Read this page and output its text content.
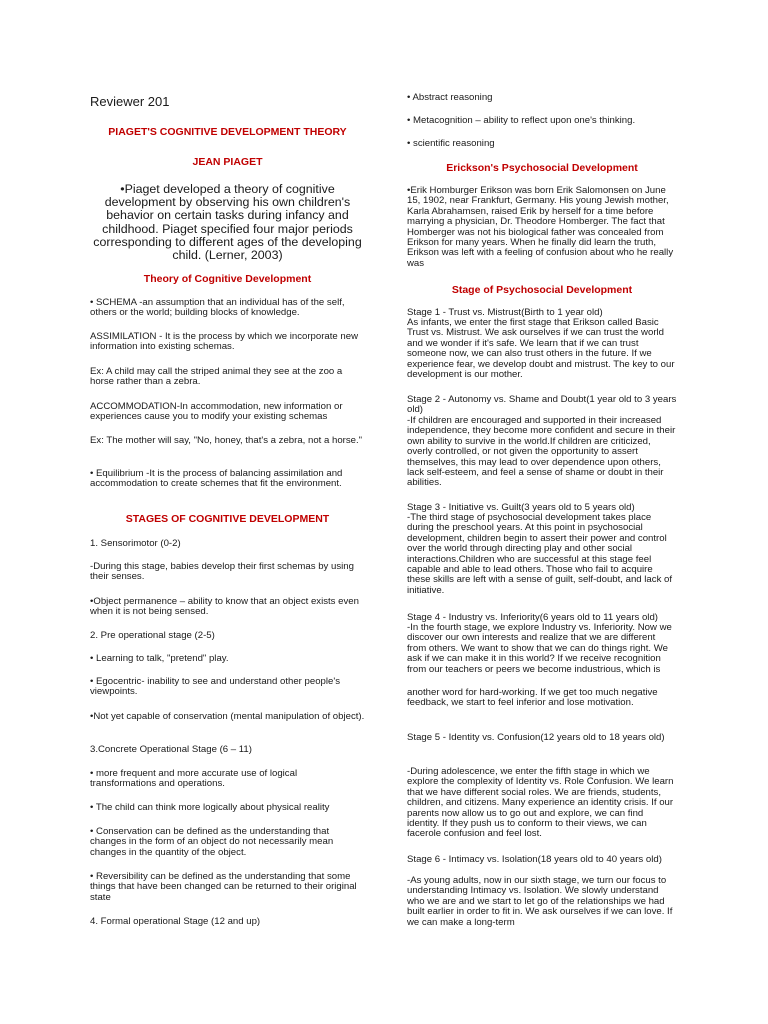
Reviewer 201

PIAGET'S COGNITIVE DEVELOPMENT THEORY

JEAN PIAGET

•Piaget developed a theory of cognitive development by observing his own children's behavior on certain tasks during infancy and childhood. Piaget specified four major periods corresponding to different ages of the developing child. (Lerner, 2003)

Theory of Cognitive Development

• SCHEMA -an assumption that an individual has of the self, others or the world; building blocks of knowledge.

ASSIMILATION - It is the process by which we incorporate new information into existing schemas.

Ex: A child may call the striped animal they see at the zoo a horse rather than a zebra.

ACCOMMODATION-In accommodation, new information or experiences cause you to modify your existing schemas

Ex: The mother will say, "No, honey, that's a zebra, not a horse."

• Equilibrium -It is the process of balancing assimilation and accommodation to create schemes that fit the environment.

STAGES OF COGNITIVE DEVELOPMENT

1. Sensorimotor (0-2)

-During this stage, babies develop their first schemas by using their senses.

•Object permanence – ability to know that an object exists even when it is not being sensed.

2. Pre operational stage (2-5)

• Learning to talk, "pretend" play.

• Egocentric- inability to see and understand other people's viewpoints.

•Not yet capable of conservation (mental manipulation of object).

3.Concrete Operational Stage (6 – 11)

• more frequent and more accurate use of logical transformations and operations.

• The child can think more logically about physical reality

• Conservation can be defined as the understanding that changes in the form of an object do not necessarily mean changes in the quantity of the object.

• Reversibility can be defined as the understanding that some things that have been changed can be returned to their original state

4. Formal operational Stage (12 and up)

• Abstract reasoning

• Metacognition – ability to reflect upon one's thinking.

• scientific reasoning

Erickson's Psychosocial Development

•Erik Homburger Erikson was born Erik Salomonsen on June 15, 1902, near Frankfurt, Germany. His young Jewish mother, Karla Abrahamsen, raised Erik by herself for a time before marrying a physician, Dr. Theodore Homberger. The fact that Homberger was not his biological father was concealed from Erikson for many years. When he finally did learn the truth, Erikson was left with a feeling of confusion about who he really was

Stage of Psychosocial Development

Stage 1 - Trust vs. Mistrust(Birth to 1 year old)

As infants, we enter the first stage that Erikson called Basic Trust vs. Mistrust. We ask ourselves if we can trust the world and we wonder if it's safe. We learn that if we can trust someone now, we can also trust others in the future. If we experience fear, we develop doubt and mistrust. The key to our development is our mother.

Stage 2 - Autonomy vs. Shame and Doubt(1 year old to 3 years old)

-If children are encouraged and supported in their increased independence, they become more confident and secure in their own ability to survive in the world.If children are criticized, overly controlled, or not given the opportunity to assert themselves, this may lead to over dependence upon others, lack self-esteem, and feel a sense of shame or doubt in their abilities.

Stage 3 - Initiative vs. Guilt(3 years old to 5 years old)

-The third stage of psychosocial development takes place during the preschool years. At this point in psychosocial development, children begin to assert their power and control over the world through directing play and other social interactions.Children who are successful at this stage feel capable and able to lead others. Those who fail to acquire these skills are left with a sense of guilt, self-doubt, and lack of initiative.

Stage 4 - Industry vs. Inferiority(6 years old to 11 years old)

-In the fourth stage, we explore Industry vs. Inferiority. Now we discover our own interests and realize that we are different from others. We want to show that we can do things right. We ask if we can make it in this world? If we receive recognition from our teachers or peers we become industrious, which is

another word for hard-working. If we get too much negative feedback, we start to feel inferior and lose motivation.

Stage 5 - Identity vs. Confusion(12 years old to 18 years old)

-During adolescence, we enter the fifth stage in which we explore the complexity of Identity vs. Role Confusion. We learn that we have different social roles. We are friends, students, children, and citizens. Many experience an identity crisis. If our parents now allow us to go out and explore, we can find identity. If they push us to conform to their views, we can facerole confusion and feel lost.

Stage 6 - Intimacy vs. Isolation(18 years old to 40 years old)

-As young adults, now in our sixth stage, we turn our focus to understanding Intimacy vs. Isolation. We slowly understand who we are and we start to let go of the relationships we had built earlier in order to fit in. We ask ourselves if we can love. If we can make a long-term
